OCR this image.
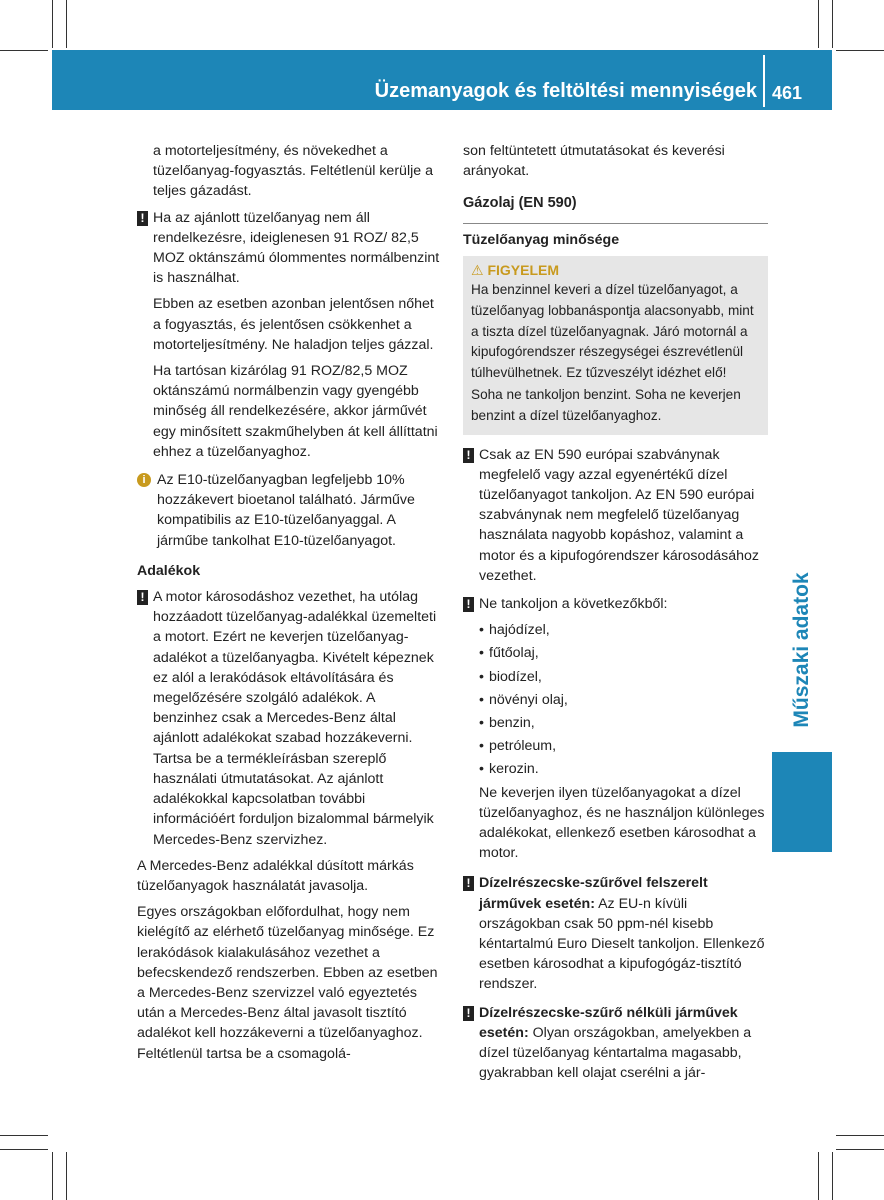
Üzemanyagok és feltöltési mennyiségek 461
Műszaki adatok

a motorteljesítmény, és növekedhet a tüzelőanyag-fogyasztás. Feltétlenül kerülje a teljes gázadást.

! Ha az ajánlott tüzelőanyag nem áll rendelkezésre, ideiglenesen 91 ROZ/ 82,5 MOZ oktánszámú ólommentes normálbenzint is használhat.

Ebben az esetben azonban jelentősen nőhet a fogyasztás, és jelentősen csökkenhet a motorteljesítmény. Ne haladjon teljes gázzal.

Ha tartósan kizárólag 91 ROZ/82,5 MOZ oktánszámú normálbenzin vagy gyengébb minőség áll rendelkezésére, akkor járművét egy minősített szakműhelyben át kell állíttatni ehhez a tüzelőanyaghoz.

i Az E10-tüzelőanyagban legfeljebb 10% hozzákevert bioetanol található. Járműve kompatibilis az E10-tüzelőanyaggal. A járműbe tankolhat E10-tüzelőanyagot.

Adalékok

! A motor károsodáshoz vezethet, ha utólag hozzáadott tüzelőanyag-adalékkal üzemelteti a motort. Ezért ne keverjen tüzelőanyag-adalékot a tüzelőanyagba. Kivételt képeznek ez alól a lerakódások eltávolítására és megelőzésére szolgáló adalékok. A benzinhez csak a Mercedes-Benz által ajánlott adalékokat szabad hozzákeverni.

Tartsa be a termékleírásban szereplő használati útmutatásokat. Az ajánlott adalékokkal kapcsolatban további információért forduljon bizalommal bármelyik Mercedes-Benz szervizhez.

A Mercedes-Benz adalékkal dúsított márkás tüzelőanyagok használatát javasolja.

Egyes országokban előfordulhat, hogy nem kielégítő az elérhető tüzelőanyag minősége. Ez lerakódások kialakulásához vezethet a befecskendező rendszerben. Ebben az esetben a Mercedes-Benz szervizzel való egyeztetés után a Mercedes-Benz által javasolt tisztító adalékot kell hozzákeverni a tüzelőanyaghoz. Feltétlenül tartsa be a csomagolá-

son feltüntetett útmutatásokat és keverési arányokat.

Gázolaj (EN 590)

Tüzelőanyag minősége

⚠ FIGYELEM

Ha benzinnel keveri a dízel tüzelőanyagot, a tüzelőanyag lobbanáspontja alacsonyabb, mint a tiszta dízel tüzelőanyagnak. Járó motornál a kipufogórendszer részegységei észrevétlenül túlhevülhetnek. Ez tűzveszélyt idézhet elő!

Soha ne tankoljon benzint. Soha ne keverjen benzint a dízel tüzelőanyaghoz.

! Csak az EN 590 európai szabványnak megfelelő vagy azzal egyenértékű dízel tüzelőanyagot tankoljon. Az EN 590 európai szabványnak nem megfelelő tüzelőanyag használata nagyobb kopáshoz, valamint a motor és a kipufogórendszer károsodásához vezethet.

! Ne tankoljon a következőkből:

• hajódízel,
• fűtőolaj,
• biodízel,
• növényi olaj,
• benzin,
• petróleum,
• kerozin.

Ne keverjen ilyen tüzelőanyagokat a dízel tüzelőanyaghoz, és ne használjon különleges adalékokat, ellenkező esetben károsodhat a motor.

! Dízelrészecske-szűrővel felszerelt járművek esetén: Az EU-n kívüli országokban csak 50 ppm-nél kisebb kéntartalmú Euro Dieselt tankoljon. Ellenkező esetben károsodhat a kipufogógáz-tisztító rendszer.

! Dízelrészecske-szűrő nélküli járművek esetén: Olyan országokban, amelyekben a dízel tüzelőanyag kéntartalma magasabb, gyakrabban kell olajat cserélni a jár-
